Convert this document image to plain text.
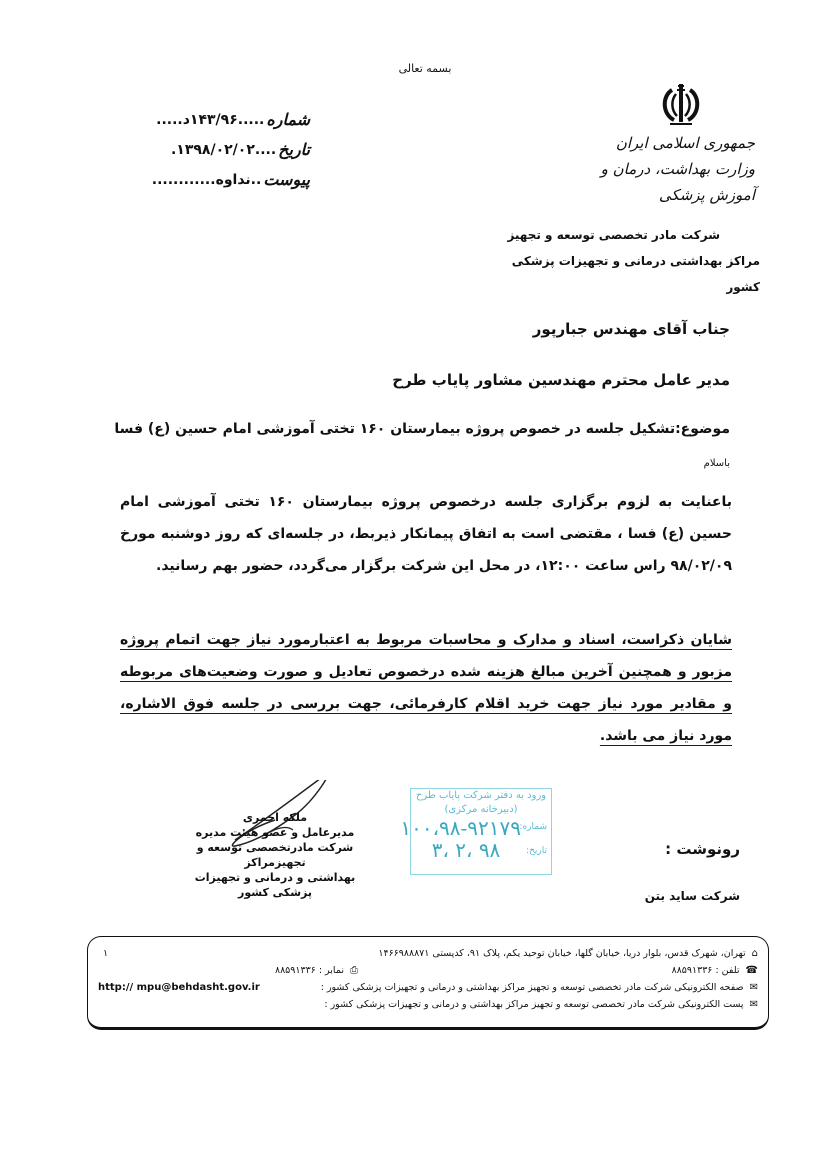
بسمه تعالی
شماره
.....۱۴۳/۹۶د.....
تاریخ
....۱۳۹۸/۰۲/۰۲.
پیوست
..نداوه............
جمهوری اسلامی ایران
وزارت بهداشت، درمان و آموزش پزشکی
شرکت مادر تخصصی توسعه و تجهیز
مراکز بهداشتی درمانی و تجهیزات پزشکی کشور
جناب آقای مهندس جبارپور
مدیر عامل محترم مهندسین مشاور پایاب طرح
موضوع:تشکیل جلسه در خصوص پروژه بیمارستان ۱۶۰ تختی آموزشی امام حسین (ع) فسا
باسلام
باعنایت به لزوم برگزاری جلسه درخصوص پروژه بیمارستان ۱۶۰ تختی آموزشی امام حسین (ع) فسا ، مقتضی است به اتفاق پیمانکار ذیربط، در جلسه‌ای که روز دوشنبه مورخ ۹۸/۰۲/۰۹ راس ساعت ۱۲:۰۰، در محل این شرکت برگزار می‌گردد، حضور بهم رسانید.
شایان ذکراست، اسناد و مدارک و محاسبات مربوط به اعتبارمورد نیاز جهت اتمام پروژه مزبور و همچنین آخرین مبالغ هزینه شده درخصوص تعادیل و صورت وضعیت‌های مربوطه و مقادیر مورد نیاز جهت خرید اقلام کارفرمائی، جهت بررسی در جلسه فوق الاشاره، مورد نیاز می باشد.
ملکه احمری
مدیرعامل و عضو هیئت مدیره
شرکت مادرتخصصی توسعه و تجهیزمراکز
بهداشتی و درمانی و تجهیزات پزشکی کشور
ورود به دفتر شرکت پایاب طرح
(دبیرخانه مرکزی)
شماره:
۱۰۰،۹۸-۹۲۱۷۹
تاریخ:
۹۸ ،۲ ،۳	رونوشت :
شرکت ساید بتن
⌂ تهران، شهرک قدس، بلوار دریا، خیابان گلها، خیابان توحید یکم، پلاک ۹۱، کدپستی ۱۴۶۶۹۸۸۸۷۱
۱
☎ تلفن : ۸۸۵۹۱۳۳۶
⎙ نمابر : ۸۸۵۹۱۳۳۶
✉ صفحه الکترونیکی شرکت مادر تخصصی توسعه و تجهیز مراکز بهداشتی و درمانی و تجهیزات پزشکی کشور :
http:// mpu@behdasht.gov.ir
✉ پست الکترونیکی شرکت مادر تخصصی توسعه و تجهیز مراکز بهداشتی و درمانی و تجهیزات پزشکی کشور :
